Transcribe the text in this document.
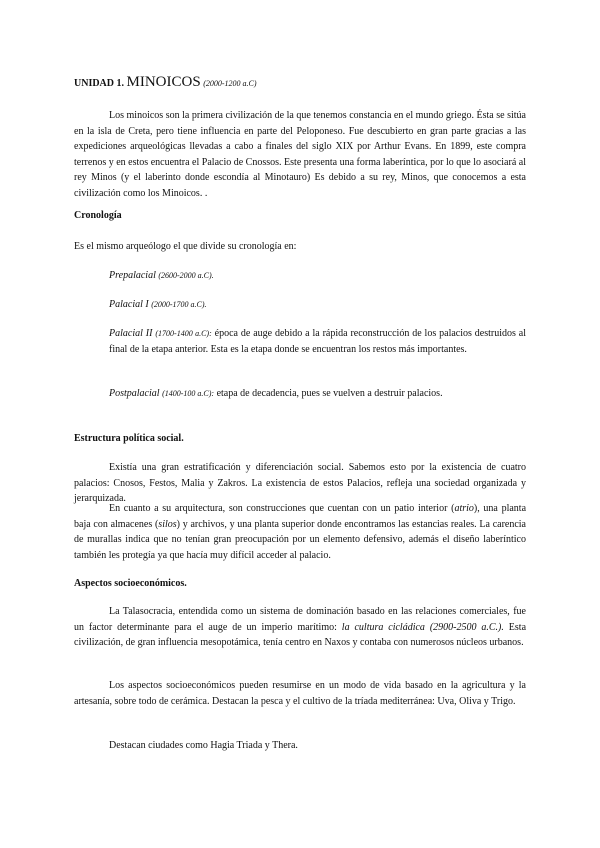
UNIDAD 1. MINOICOS (2000-1200 a.C)
Los minoicos son la primera civilización de la que tenemos constancia en el mundo griego. Ésta se sitúa en la isla de Creta, pero tiene influencia en parte del Peloponeso. Fue descubierto en gran parte gracias a las expediciones arqueológicas llevadas a cabo a finales del siglo XIX por Arthur Evans. En 1899, este compra terrenos y en estos encuentra el Palacio de Cnossos. Este presenta una forma laberíntica, por lo que lo asociará al rey Minos (y el laberinto donde escondía al Minotauro) Es debido a su rey, Minos, que conocemos a esta civilización como los Minoicos. .
Cronología
Es el mismo arqueólogo el que divide su cronología en:
Prepalacial (2600-2000 a.C).
Palacial I (2000-1700 a.C).
Palacial II (1700-1400 a.C): época de auge debido a la rápida reconstrucción de los palacios destruidos al final de la etapa anterior. Esta es la etapa donde se encuentran los restos más importantes.
Postpalacial (1400-100 a.C): etapa de decadencia, pues se vuelven a destruir palacios.
Estructura política social.
Existía una gran estratificación y diferenciación social. Sabemos esto por la existencia de cuatro palacios: Cnosos, Festos, Malia y Zakros. La existencia de estos Palacios, refleja una sociedad organizada y jerarquizada.
En cuanto a su arquitectura, son construcciones que cuentan con un patio interior (atrio), una planta baja con almacenes (silos) y archivos, y una planta superior donde encontramos las estancias reales. La carencia de murallas indica que no tenían gran preocupación por un elemento defensivo, además el diseño laberíntico también les protegía ya que hacía muy difícil acceder al palacio.
Aspectos socioeconómicos.
La Talasocracia, entendida como un sistema de dominación basado en las relaciones comerciales, fue un factor determinante para el auge de un imperio marítimo: la cultura cicládica (2900-2500 a.C.). Esta civilización, de gran influencia mesopotámica, tenía centro en Naxos y contaba con numerosos núcleos urbanos.
Los aspectos socioeconómicos pueden resumirse en un modo de vida basado en la agricultura y la artesanía, sobre todo de cerámica. Destacan la pesca y el cultivo de la tríada mediterránea: Uva, Oliva y Trigo.
Destacan ciudades como Hagia Triada y Thera.
